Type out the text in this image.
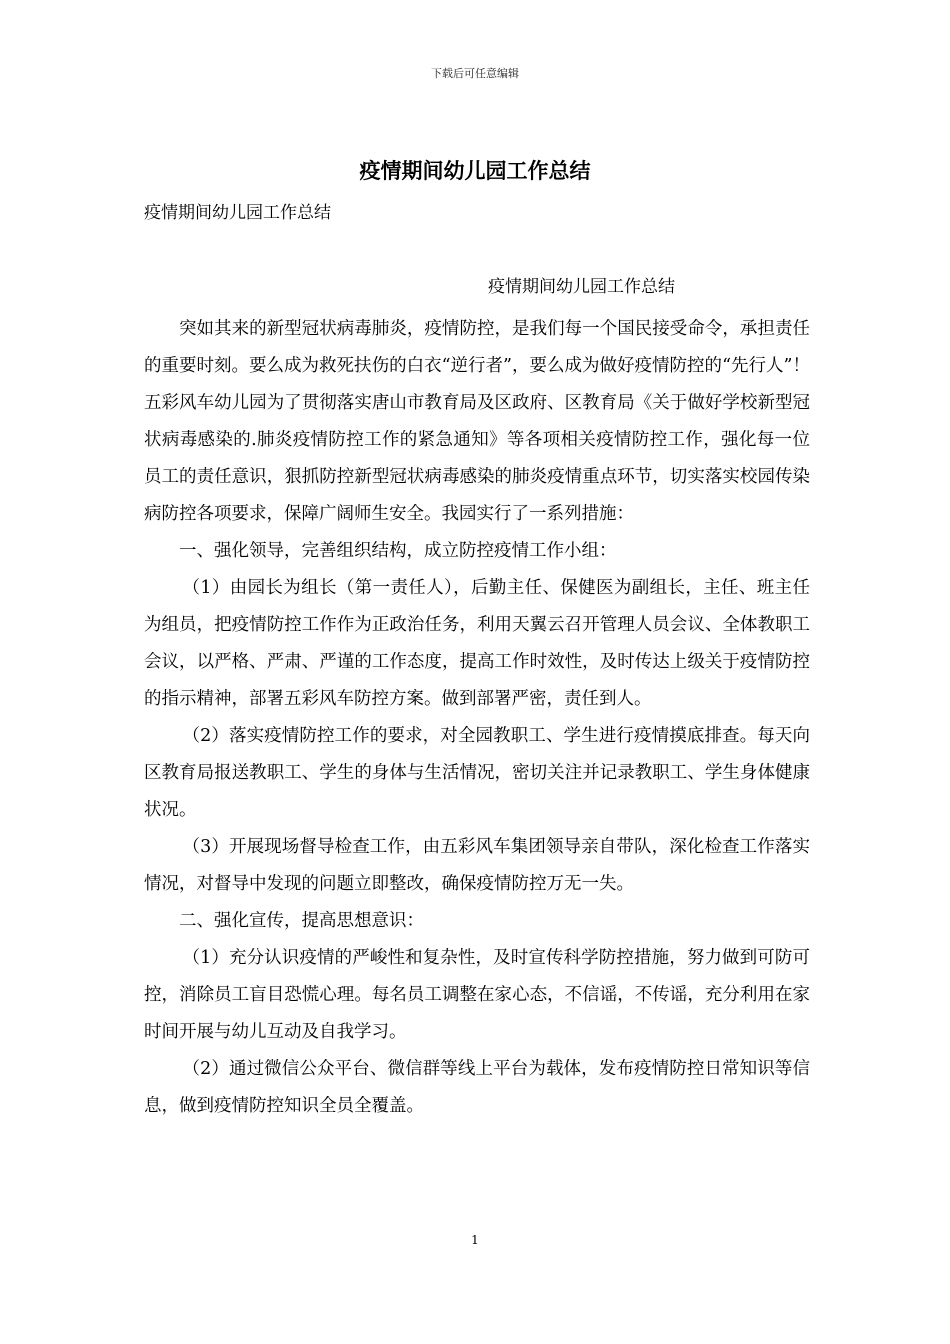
下载后可任意编辑
疫情期间幼儿园工作总结
疫情期间幼儿园工作总结
疫情期间幼儿园工作总结

突如其来的新型冠状病毒肺炎，疫情防控，是我们每一个国民接受命令，承担责任的重要时刻。要么成为救死扶伤的白衣“逆行者”，要么成为做好疫情防控的“先行人”！五彩风车幼儿园为了贯彻落实唐山市教育局及区政府、区教育局《关于做好学校新型冠状病毒感染的.肺炎疫情防控工作的紧急通知》等各项相关疫情防控工作，强化每一位员工的责任意识，狠抓防控新型冠状病毒感染的肺炎疫情重点环节，切实落实校园传染病防控各项要求，保障广阔师生安全。我园实行了一系列措施：

一、强化领导，完善组织结构，成立防控疫情工作小组：

（1）由园长为组长（第一责任人），后勤主任、保健医为副组长，主任、班主任为组员，把疫情防控工作作为正政治任务，利用天翼云召开管理人员会议、全体教职工会议，以严格、严肃、严谨的工作态度，提高工作时效性，及时传达上级关于疫情防控的指示精神，部署五彩风车防控方案。做到部署严密，责任到人。

（2）落实疫情防控工作的要求，对全园教职工、学生进行疫情摸底排查。每天向区教育局报送教职工、学生的身体与生活情况，密切关注并记录教职工、学生身体健康状况。

（3）开展现场督导检查工作，由五彩风车集团领导亲自带队，深化检查工作落实情况，对督导中发现的问题立即整改，确保疫情防控万无一失。

二、强化宣传，提高思想意识：

（1）充分认识疫情的严峻性和复杂性，及时宣传科学防控措施，努力做到可防可控，消除员工盲目恐慌心理。每名员工调整在家心态，不信谣，不传谣，充分利用在家时间开展与幼儿互动及自我学习。

（2）通过微信公众平台、微信群等线上平台为载体，发布疫情防控日常知识等信息，做到疫情防控知识全员全覆盖。

1
